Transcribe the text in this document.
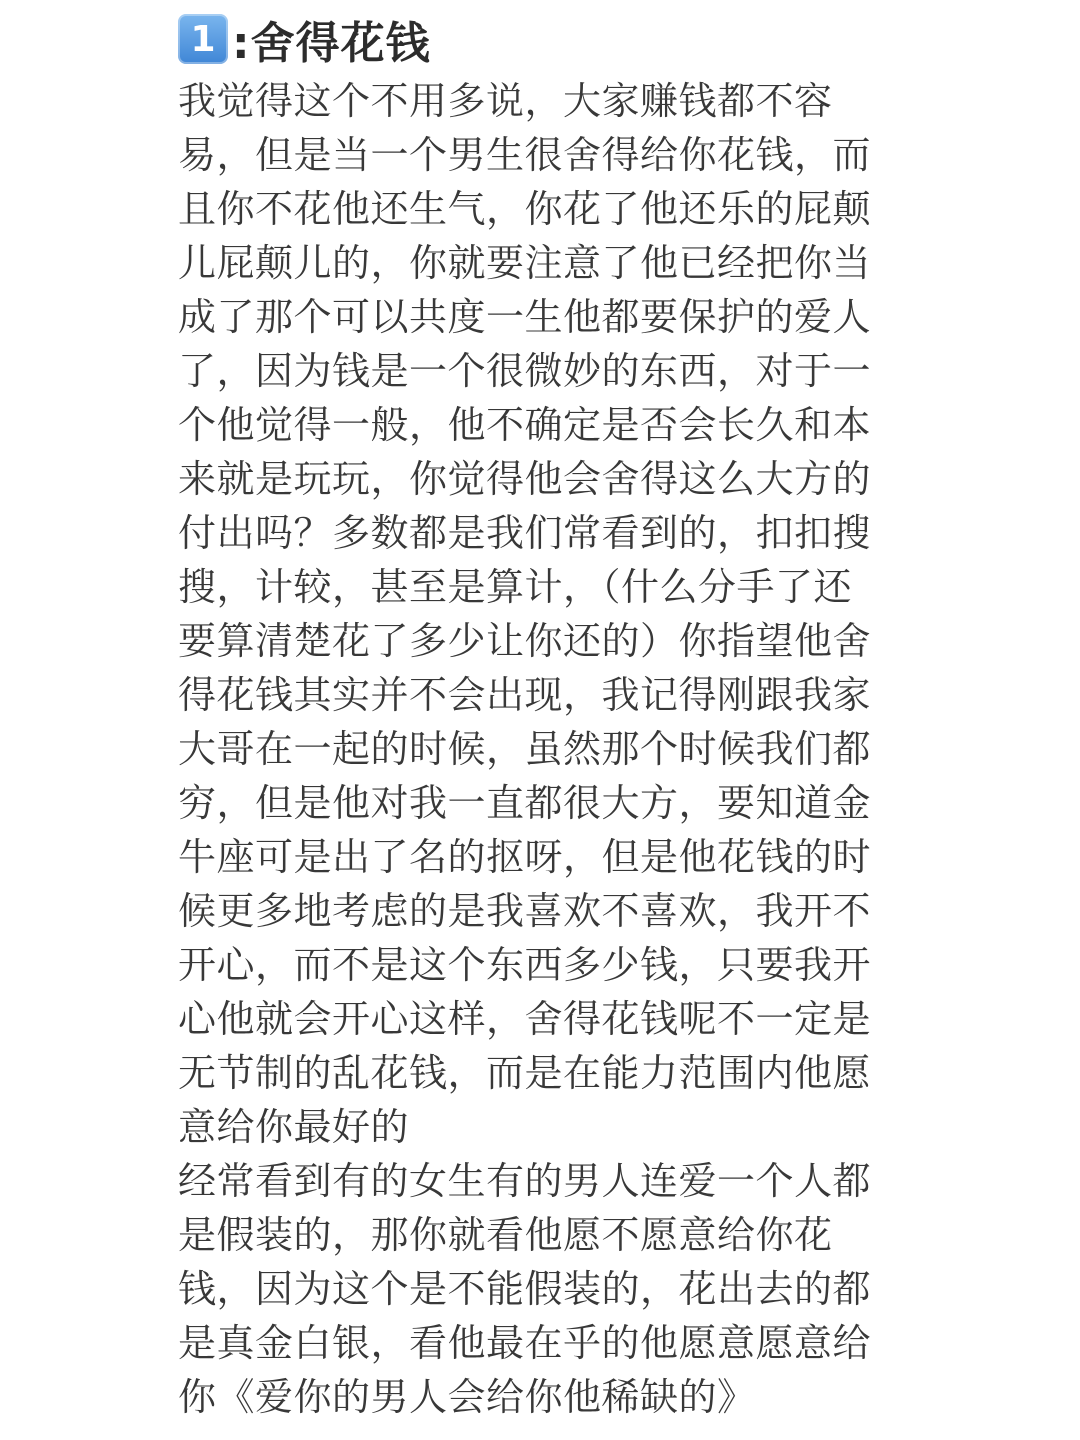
1 :舍得花钱
我觉得这个不用多说，大家赚钱都不容
易，但是当一个男生很舍得给你花钱，而
且你不花他还生气，你花了他还乐的屁颠
儿屁颠儿的，你就要注意了他已经把你当
成了那个可以共度一生他都要保护的爱人
了，因为钱是一个很微妙的东西，对于一
个他觉得一般，他不确定是否会长久和本
来就是玩玩，你觉得他会舍得这么大方的
付出吗？多数都是我们常看到的，扣扣搜
搜，计较，甚至是算计，（什么分手了还
要算清楚花了多少让你还的）你指望他舍
得花钱其实并不会出现，我记得刚跟我家
大哥在一起的时候，虽然那个时候我们都
穷，但是他对我一直都很大方，要知道金
牛座可是出了名的抠呀，但是他花钱的时
候更多地考虑的是我喜欢不喜欢，我开不
开心，而不是这个东西多少钱，只要我开
心他就会开心这样，舍得花钱呢不一定是
无节制的乱花钱，而是在能力范围内他愿
意给你最好的
经常看到有的女生有的男人连爱一个人都
是假装的，那你就看他愿不愿意给你花
钱，因为这个是不能假装的，花出去的都
是真金白银，看他最在乎的他愿意愿意给
你《爱你的男人会给你他稀缺的》
